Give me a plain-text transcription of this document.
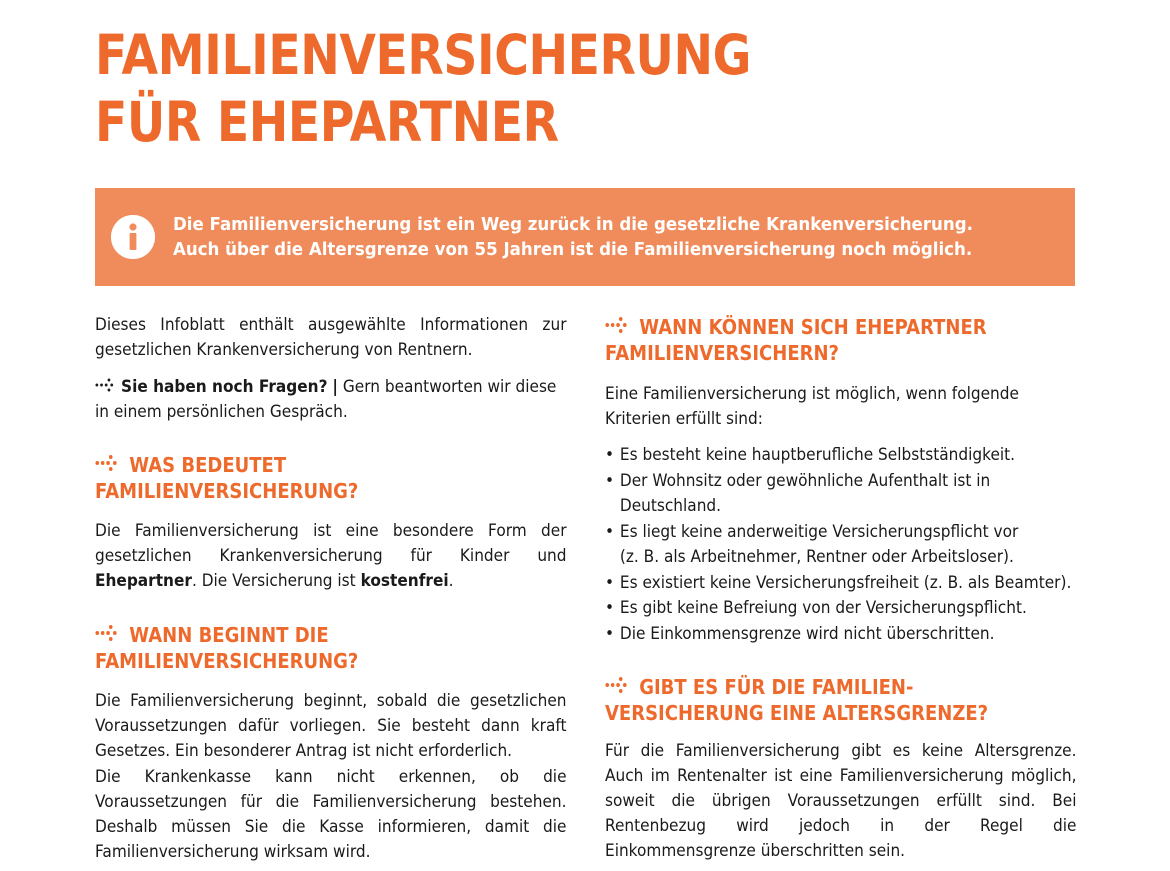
FAMILIENVERSICHERUNG
FÜR EHEPARTNER
Die Familienversicherung ist ein Weg zurück in die gesetzliche Krankenversicherung.
Auch über die Altersgrenze von 55 Jahren ist die Familienversicherung noch möglich.

Dieses Infoblatt enthält ausgewählte Informationen zur gesetzlichen Krankenversicherung von Rentnern.

Sie haben noch Fragen? | Gern beantworten wir diese in einem persönlichen Gespräch.

WAS BEDEUTET
FAMILIENVERSICHERUNG?

Die Familienversicherung ist eine besondere Form der gesetzlichen Krankenversicherung für Kinder und Ehepartner. Die Versicherung ist kostenfrei.

WANN BEGINNT DIE
FAMILIENVERSICHERUNG?

Die Familienversicherung beginnt, sobald die gesetzlichen Voraussetzungen dafür vorliegen. Sie besteht dann kraft Gesetzes. Ein besonderer Antrag ist nicht erforderlich.

Die Krankenkasse kann nicht erkennen, ob die Voraussetzungen für die Familienversicherung bestehen. Deshalb müssen Sie die Kasse informieren, damit die Familienversicherung wirksam wird.

WANN KÖNNEN SICH EHEPARTNER
FAMILIENVERSICHERN?

Eine Familienversicherung ist möglich, wenn folgende Kriterien erfüllt sind:

• Es besteht keine hauptberufliche Selbstständigkeit.
• Der Wohnsitz oder gewöhnliche Aufenthalt ist in
Deutschland.
• Es liegt keine anderweitige Versicherungspflicht vor
(z. B. als Arbeitnehmer, Rentner oder Arbeitsloser).
• Es existiert keine Versicherungsfreiheit (z. B. als Beamter).
• Es gibt keine Befreiung von der Versicherungspflicht.
• Die Einkommensgrenze wird nicht überschritten.
GIBT ES FÜR DIE FAMILIEN-
VERSICHERUNG EINE ALTERSGRENZE?

Für die Familienversicherung gibt es keine Altersgrenze. Auch im Rentenalter ist eine Familienversicherung möglich, soweit die übrigen Voraussetzungen erfüllt sind. Bei Rentenbezug wird jedoch in der Regel die Einkommensgrenze überschritten sein.
